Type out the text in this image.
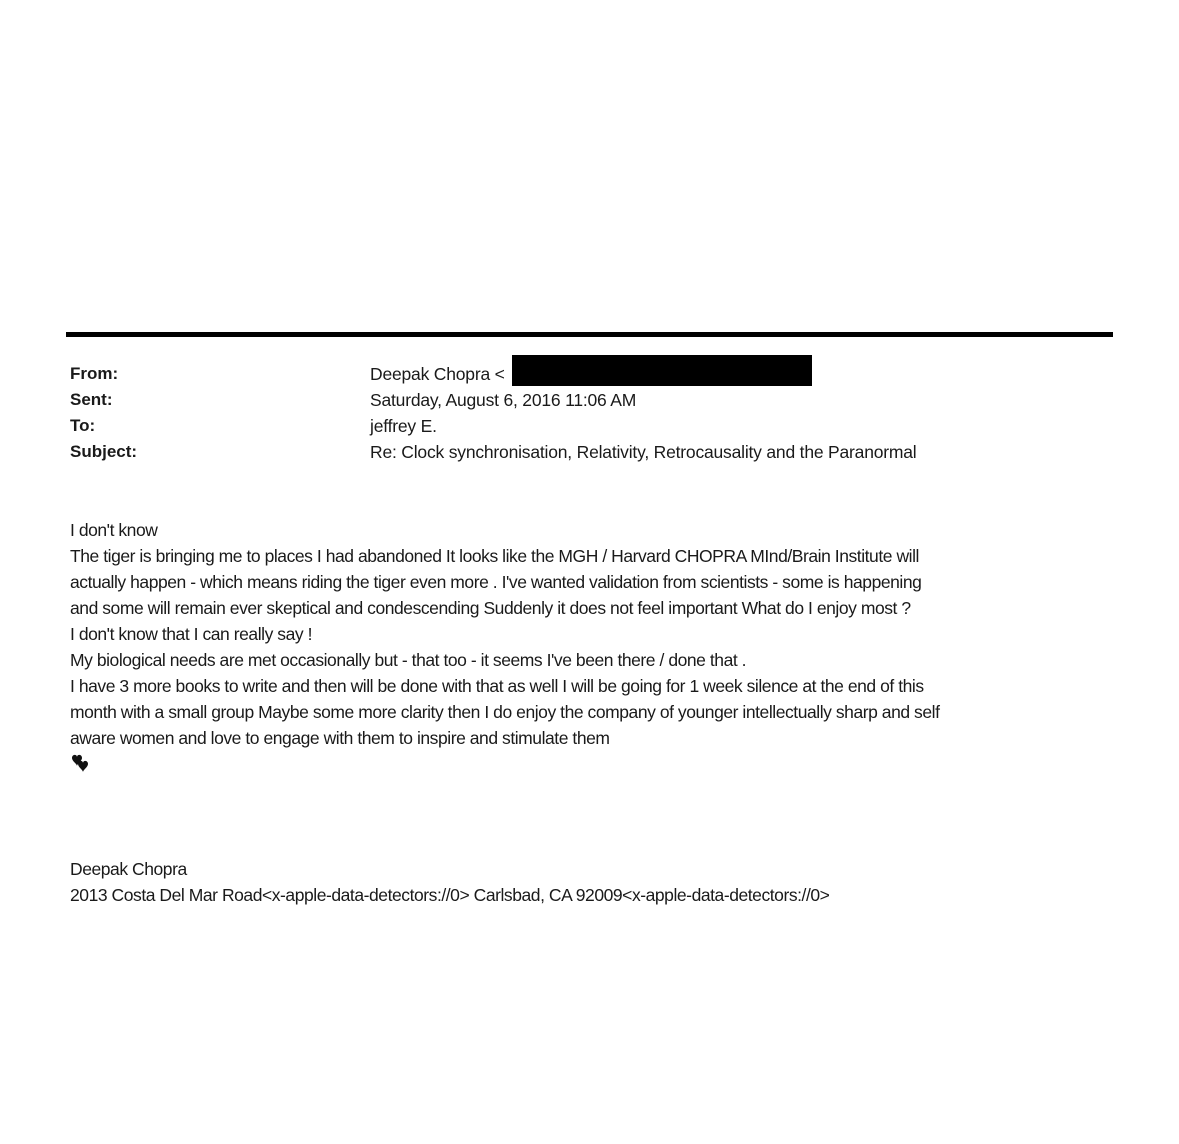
From:
Sent:
To:
Subject:
Deepak Chopra <
Saturday, August 6, 2016 11:06 AM
jeffrey E.
Re: Clock synchronisation, Relativity, Retrocausality and the Paranormal
I don't know
The tiger is bringing me to places I had abandoned It looks like the MGH / Harvard CHOPRA MInd/Brain Institute will
actually happen - which means riding the tiger even more . I've wanted validation from scientists - some is happening
and some will remain ever skeptical and condescending Suddenly it does not feel important What do I enjoy most ?
I don't know that I can really say !
My biological needs are met occasionally but - that too - it seems I've been there / done that .
I have 3 more books to write and then will be done with that as well I will be going for 1 week silence at the end of this
month with a small group Maybe some more clarity then I do enjoy the company of younger intellectually sharp and self
aware women and love to engage with them to inspire and stimulate them
Deepak Chopra
2013 Costa Del Mar Road<x-apple-data-detectors://0> Carlsbad, CA 92009<x-apple-data-detectors://0>
